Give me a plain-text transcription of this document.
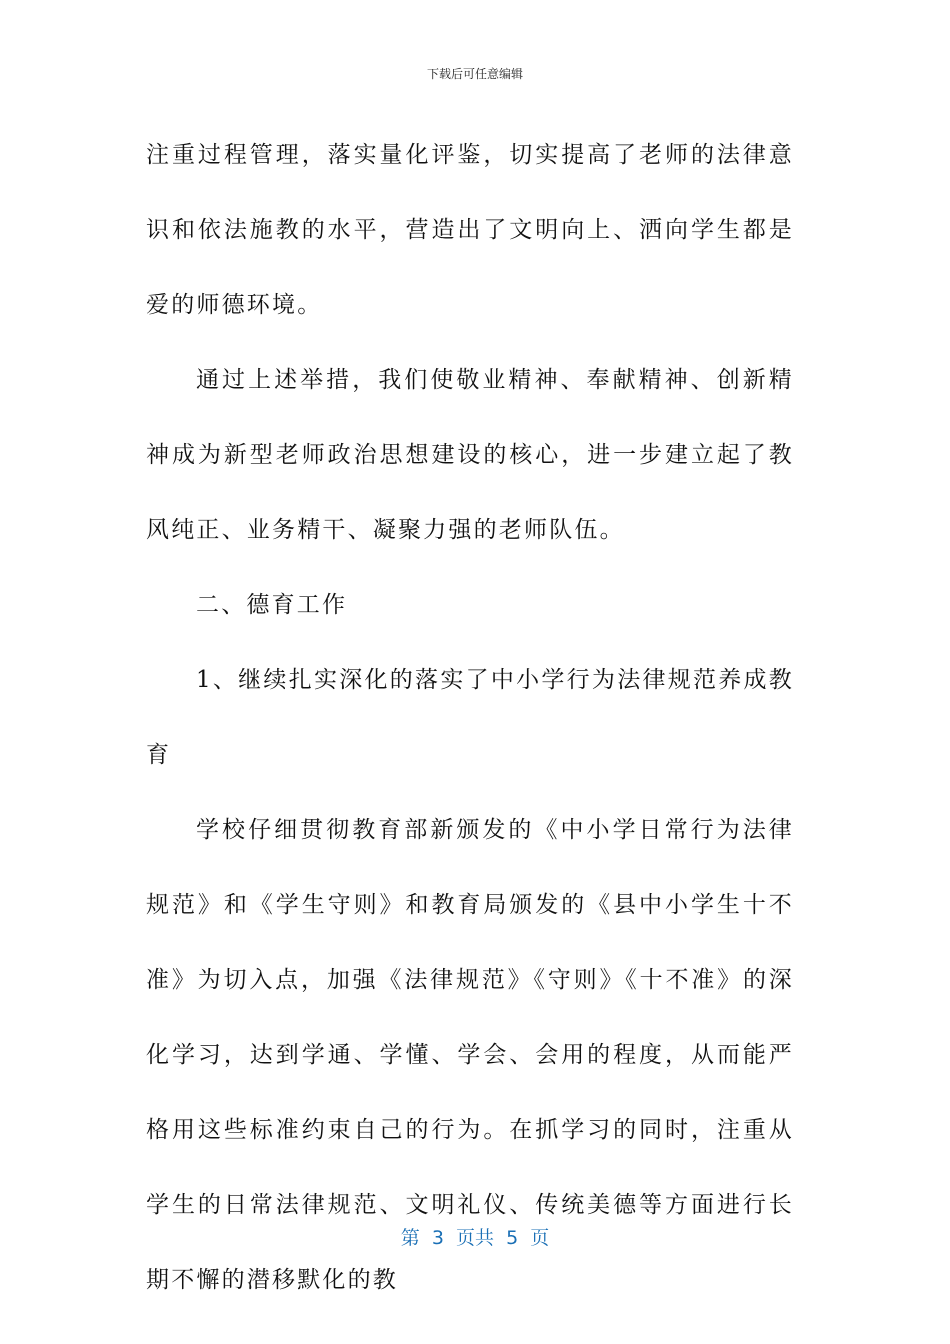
下载后可任意编辑

注重过程管理，落实量化评鉴，切实提高了老师的法律意识和依法施教的水平，营造出了文明向上、洒向学生都是爱的师德环境。

通过上述举措，我们使敬业精神、奉献精神、创新精神成为新型老师政治思想建设的核心，进一步建立起了教风纯正、业务精干、凝聚力强的老师队伍。

二、德育工作

1、继续扎实深化的落实了中小学行为法律规范养成教育

学校仔细贯彻教育部新颁发的《中小学日常行为法律规范》和《学生守则》和教育局颁发的《县中小学生十不准》为切入点，加强《法律规范》《守则》《十不准》的深化学习，达到学通、学懂、学会、会用的程度，从而能严格用这些标准约束自己的行为。在抓学习的同时，注重从学生的日常法律规范、文明礼仪、传统美德等方面进行长期不懈的潜移默化的教

第  3  页共  5  页
